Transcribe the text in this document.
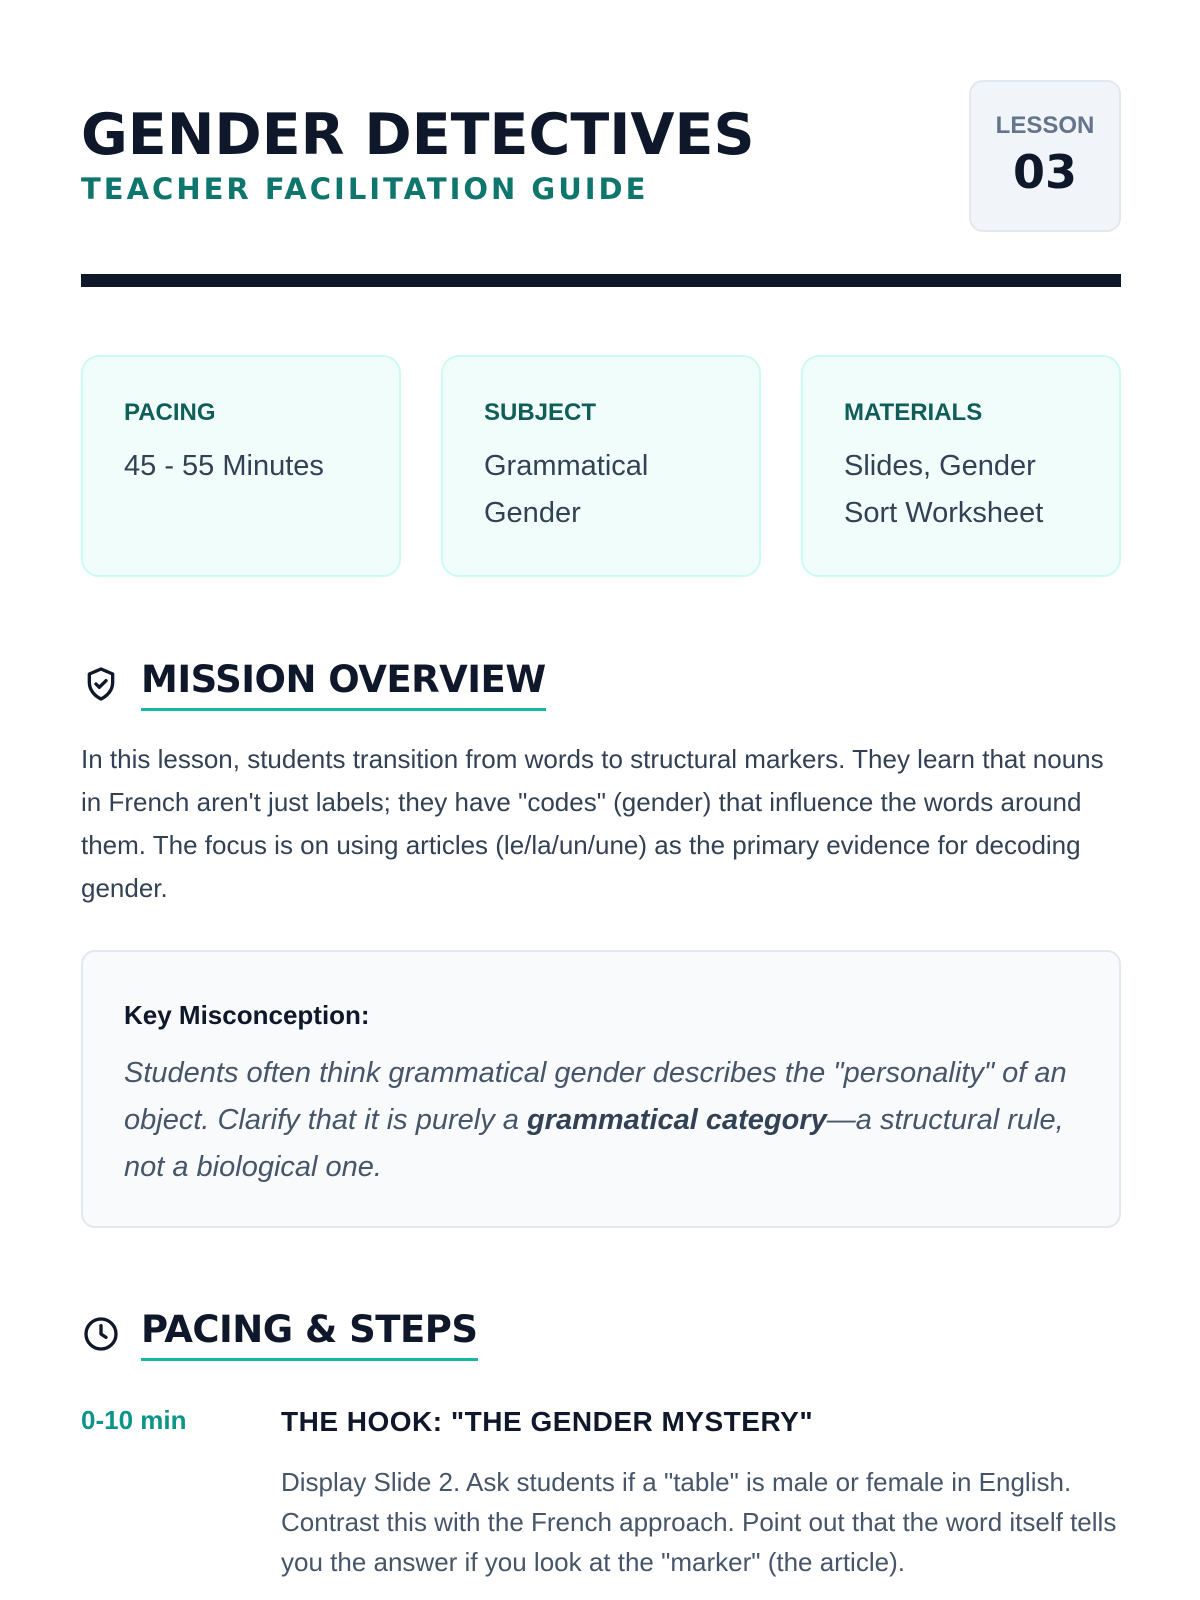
GENDER DETECTIVES
TEACHER FACILITATION GUIDE
LESSON
03
PACING
45 - 55 Minutes
SUBJECT
Grammatical Gender
MATERIALS
Slides, Gender Sort Worksheet
MISSION OVERVIEW
In this lesson, students transition from words to structural markers. They learn that nouns in French aren't just labels; they have "codes" (gender) that influence the words around them. The focus is on using articles (le/la/un/une) as the primary evidence for decoding gender.
Key Misconception:
Students often think grammatical gender describes the "personality" of an object. Clarify that it is purely a grammatical category—a structural rule, not a biological one.
PACING & STEPS
0-10 min	THE HOOK: "THE GENDER MYSTERY"
Display Slide 2. Ask students if a "table" is male or female in English. Contrast this with the French approach. Point out that the word itself tells you the answer if you look at the "marker" (the article).
